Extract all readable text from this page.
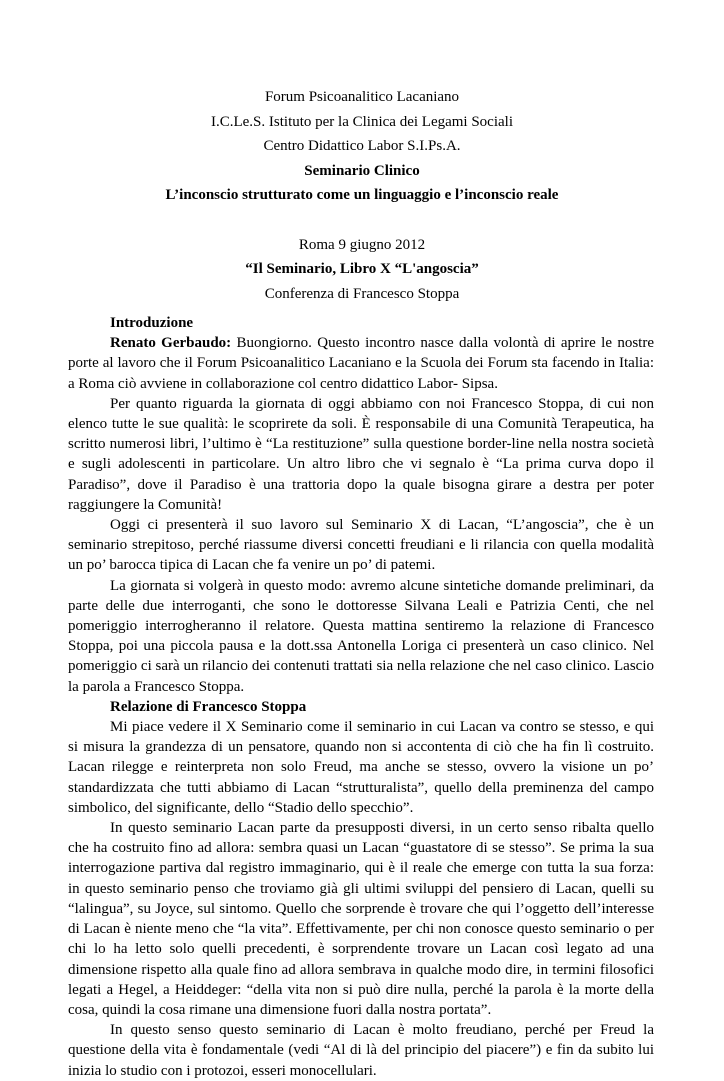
Forum Psicoanalitico Lacaniano
I.C.Le.S. Istituto per la Clinica dei Legami Sociali
Centro Didattico Labor S.I.Ps.A.
Seminario Clinico
L’inconscio strutturato come un linguaggio e l’inconscio reale
Roma 9 giugno 2012
“Il Seminario, Libro X “L'angoscia”
Conferenza di Francesco Stoppa

Introduzione

Renato Gerbaudo: Buongiorno. Questo incontro nasce dalla volontà di aprire le nostre porte al lavoro che il Forum Psicoanalitico Lacaniano e la Scuola dei Forum sta facendo in Italia: a Roma ciò avviene in collaborazione col centro didattico Labor- Sipsa.

Per quanto riguarda la giornata di oggi abbiamo con noi Francesco Stoppa, di cui non elenco tutte le sue qualità: le scoprirete da soli. È responsabile di una Comunità Terapeutica, ha scritto numerosi libri, l’ultimo è “La restituzione” sulla questione border-line nella nostra società e sugli adolescenti in particolare. Un altro libro che vi segnalo è “La prima curva dopo il Paradiso”, dove il Paradiso è una trattoria dopo la quale bisogna girare a destra per poter raggiungere la Comunità!

Oggi ci presenterà il suo lavoro sul Seminario X di Lacan, “L’angoscia”, che è un seminario strepitoso, perché riassume diversi concetti freudiani e li rilancia con quella modalità un po’ barocca tipica di Lacan che fa venire un po’ di patemi.

La giornata si volgerà in questo modo: avremo alcune sintetiche domande preliminari, da parte delle due interroganti, che sono le dottoresse Silvana Leali e Patrizia Centi, che nel pomeriggio interrogheranno il relatore. Questa mattina sentiremo la relazione di Francesco Stoppa, poi una piccola pausa e la dott.ssa Antonella Loriga ci presenterà un caso clinico. Nel pomeriggio ci sarà un rilancio dei contenuti trattati sia nella relazione che nel caso clinico. Lascio la parola a Francesco Stoppa.

Relazione di Francesco Stoppa

Mi piace vedere il X Seminario come il seminario in cui Lacan va contro se stesso, e qui si misura la grandezza di un pensatore, quando non si accontenta di ciò che ha fin lì costruito. Lacan rilegge e reinterpreta non solo Freud, ma anche se stesso, ovvero la visione un po’ standardizzata che tutti abbiamo di Lacan “strutturalista”, quello della preminenza del campo simbolico, del significante, dello “Stadio dello specchio”.

In questo seminario Lacan parte da presupposti diversi, in un certo senso ribalta quello che ha costruito fino ad allora: sembra quasi un Lacan “guastatore di se stesso”. Se prima la sua interrogazione partiva dal registro immaginario, qui è il reale che emerge con tutta la sua forza: in questo seminario penso che troviamo già gli ultimi sviluppi del pensiero di Lacan, quelli su “lalingua”, su Joyce, sul sintomo. Quello che sorprende è trovare che qui l’oggetto dell’interesse di Lacan è niente meno che “la vita”. Effettivamente, per chi non conosce questo seminario o per chi lo ha letto solo quelli precedenti, è sorprendente trovare un Lacan così legato ad una dimensione rispetto alla quale fino ad allora sembrava in qualche modo dire, in termini filosofici legati a Hegel, a Heiddeger: “della vita non si può dire nulla, perché la parola è la morte della cosa, quindi la cosa rimane una dimensione fuori dalla nostra portata”.

In questo senso questo seminario di Lacan è molto freudiano, perché per Freud la questione della vita è fondamentale (vedi “Al di là del principio del piacere”) e fin da subito lui inizia lo studio con i protozoi, esseri monocellulari.
